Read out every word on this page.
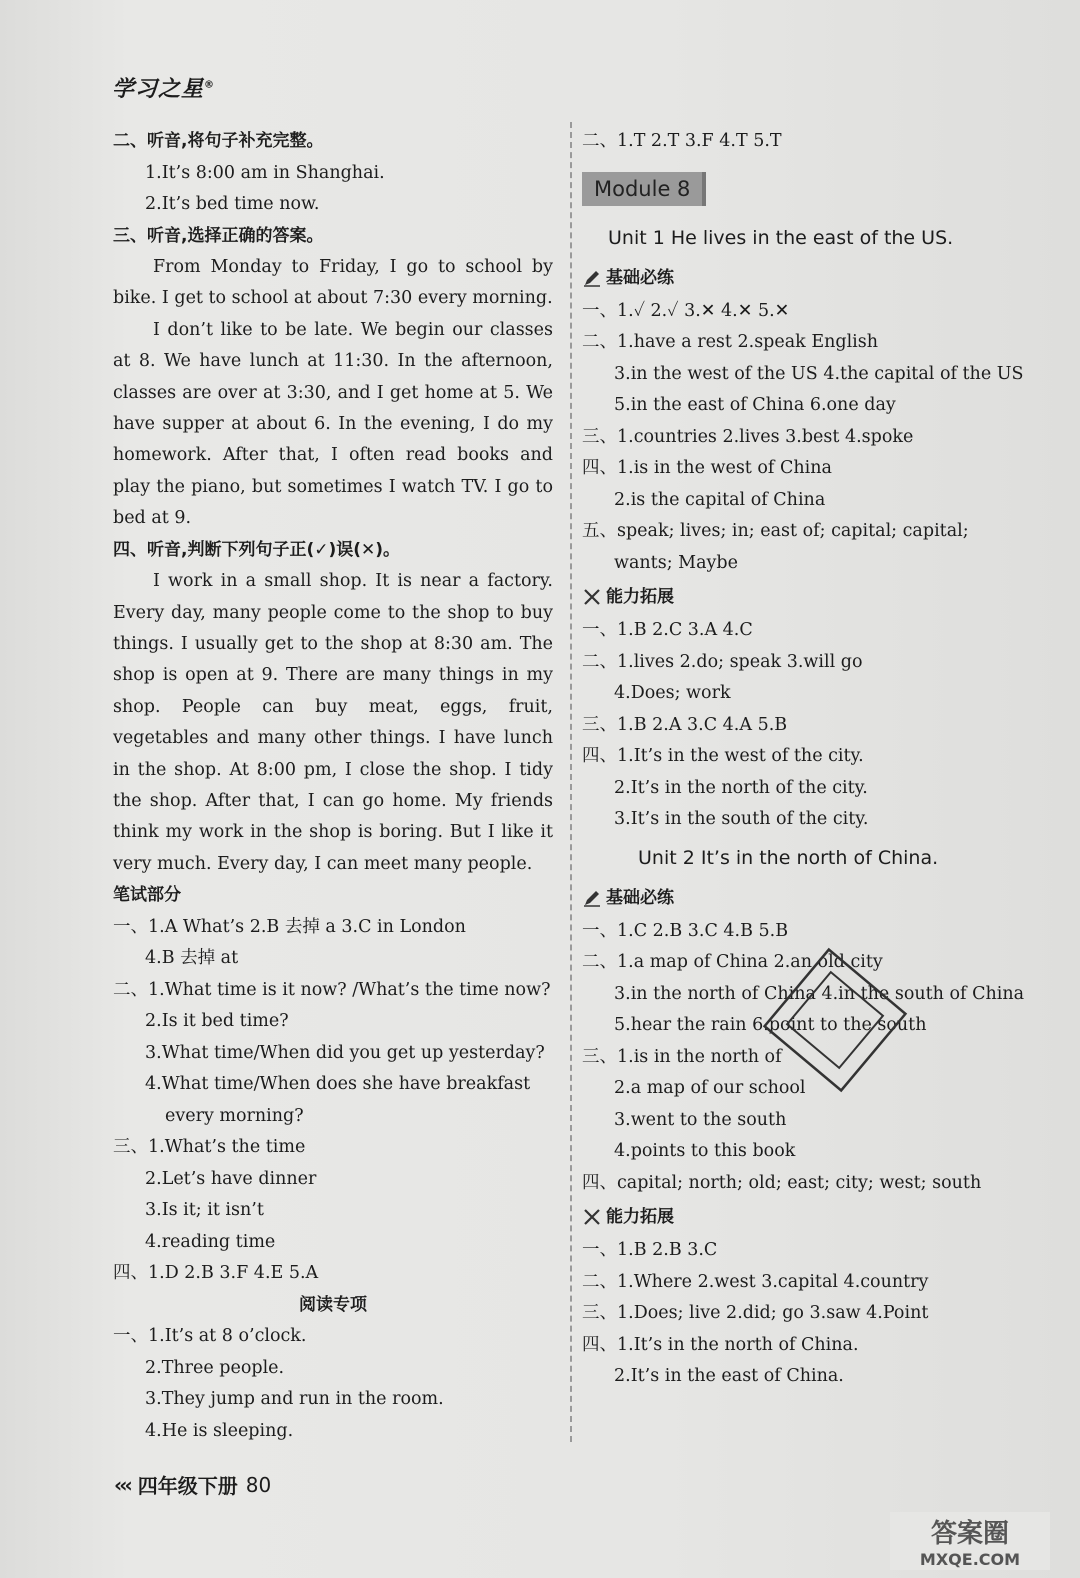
学习之星®
二、听音,将句子补充完整。
1.It’s 8:00 am in Shanghai.
2.It’s bed time now.
三、听音,选择正确的答案。

From Monday to Friday, I go to school by bike. I get to school at about 7:30 every morning.

I don’t like to be late. We begin our classes at 8. We have lunch at 11:30. In the afternoon, classes are over at 3:30, and I get home at 5. We have supper at about 6. In the evening, I do my homework. After that, I often read books and play the piano, but sometimes I watch TV. I go to bed at 9.

四、听音,判断下列句子正(✓)误(✕)。

I work in a small shop. It is near a factory. Every day, many people come to the shop to buy things. I usually get to the shop at 8:30 am. The shop is open at 9. There are many things in my shop. People can buy meat, eggs, fruit, vegetables and many other things. I have lunch in the shop. At 8:00 pm, I close the shop. I tidy the shop. After that, I can go home. My friends think my work in the shop is boring. But I like it very much. Every day, I can meet many people.

笔试部分
一、1.A What’s 2.B 去掉 a 3.C in London
4.B 去掉 at
二、1.What time is it now? /What’s the time now?
2.Is it bed time?
3.What time/When did you get up yesterday?
4.What time/When does she have breakfast
every morning?
三、1.What’s the time
2.Let’s have dinner
3.Is it; it isn’t
4.reading time
四、1.D 2.B 3.F 4.E 5.A
阅读专项
一、1.It’s at 8 o’clock.
2.Three people.
3.They jump and run in the room.
4.He is sleeping.
二、1.T 2.T 3.F 4.T 5.T
Module 8
Unit 1 He lives in the east of the US.
基础必练
一、1.✓ 2.✓ 3.✕ 4.✕ 5.✕
二、1.have a rest 2.speak English
3.in the west of the US 4.the capital of the US
5.in the east of China 6.one day
三、1.countries 2.lives 3.best 4.spoke
四、1.is in the west of China
2.is the capital of China
五、speak; lives; in; east of; capital; capital;
wants; Maybe
能力拓展
一、1.B 2.C 3.A 4.C
二、1.lives 2.do; speak 3.will go
4.Does; work
三、1.B 2.A 3.C 4.A 5.B
四、1.It’s in the west of the city.
2.It’s in the north of the city.
3.It’s in the south of the city.
Unit 2 It’s in the north of China.
基础必练
一、1.C 2.B 3.C 4.B 5.B
二、1.a map of China 2.an old city
3.in the north of China 4.in the south of China
5.hear the rain 6.point to the south
三、1.is in the north of
2.a map of our school
3.went to the south
4.points to this book
四、capital; north; old; east; city; west; south
能力拓展
一、1.B 2.B 3.C
二、1.Where 2.west 3.capital 4.country
三、1.Does; live 2.did; go 3.saw 4.Point
四、1.It’s in the north of China.
2.It’s in the east of China.
‹‹‹ 四年级下册 80
答案圈
MXQE.COM
